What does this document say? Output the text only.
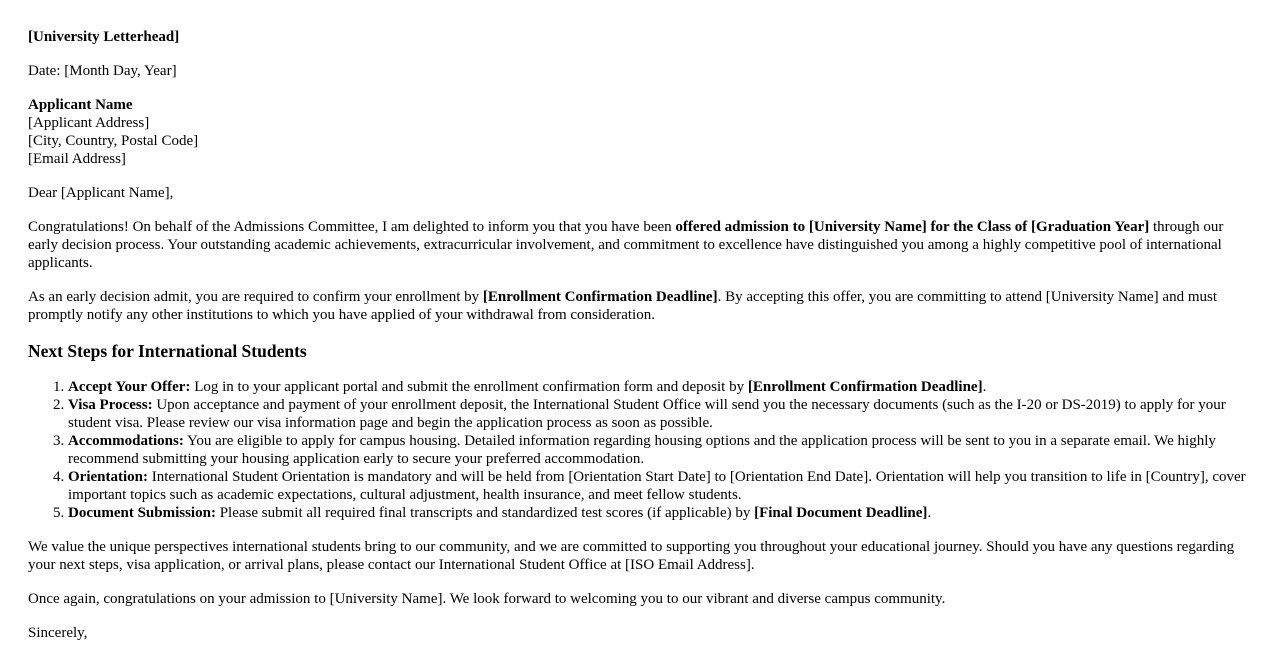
[University Letterhead]

Date: [Month Day, Year]

Applicant Name
[Applicant Address]
[City, Country, Postal Code]
[Email Address]

Dear [Applicant Name],

Congratulations! On behalf of the Admissions Committee, I am delighted to inform you that you have been offered admission to [University Name] for the Class of [Graduation Year] through our early decision process. Your outstanding academic achievements, extracurricular involvement, and commitment to excellence have distinguished you among a highly competitive pool of international applicants.

As an early decision admit, you are required to confirm your enrollment by [Enrollment Confirmation Deadline]. By accepting this offer, you are committing to attend [University Name] and must promptly notify any other institutions to which you have applied of your withdrawal from consideration.

Next Steps for International Students
1. Accept Your Offer: Log in to your applicant portal and submit the enrollment confirmation form and deposit by [Enrollment Confirmation Deadline].
2. Visa Process: Upon acceptance and payment of your enrollment deposit, the International Student Office will send you the necessary documents (such as the I-20 or DS-2019) to apply for your student visa. Please review our visa information page and begin the application process as soon as possible.
3. Accommodations: You are eligible to apply for campus housing. Detailed information regarding housing options and the application process will be sent to you in a separate email. We highly recommend submitting your housing application early to secure your preferred accommodation.
4. Orientation: International Student Orientation is mandatory and will be held from [Orientation Start Date] to [Orientation End Date]. Orientation will help you transition to life in [Country], cover important topics such as academic expectations, cultural adjustment, health insurance, and meet fellow students.
5. Document Submission: Please submit all required final transcripts and standardized test scores (if applicable) by [Final Document Deadline].

We value the unique perspectives international students bring to our community, and we are committed to supporting you throughout your educational journey. Should you have any questions regarding your next steps, visa application, or arrival plans, please contact our International Student Office at [ISO Email Address].

Once again, congratulations on your admission to [University Name]. We look forward to welcoming you to our vibrant and diverse campus community.

Sincerely,
